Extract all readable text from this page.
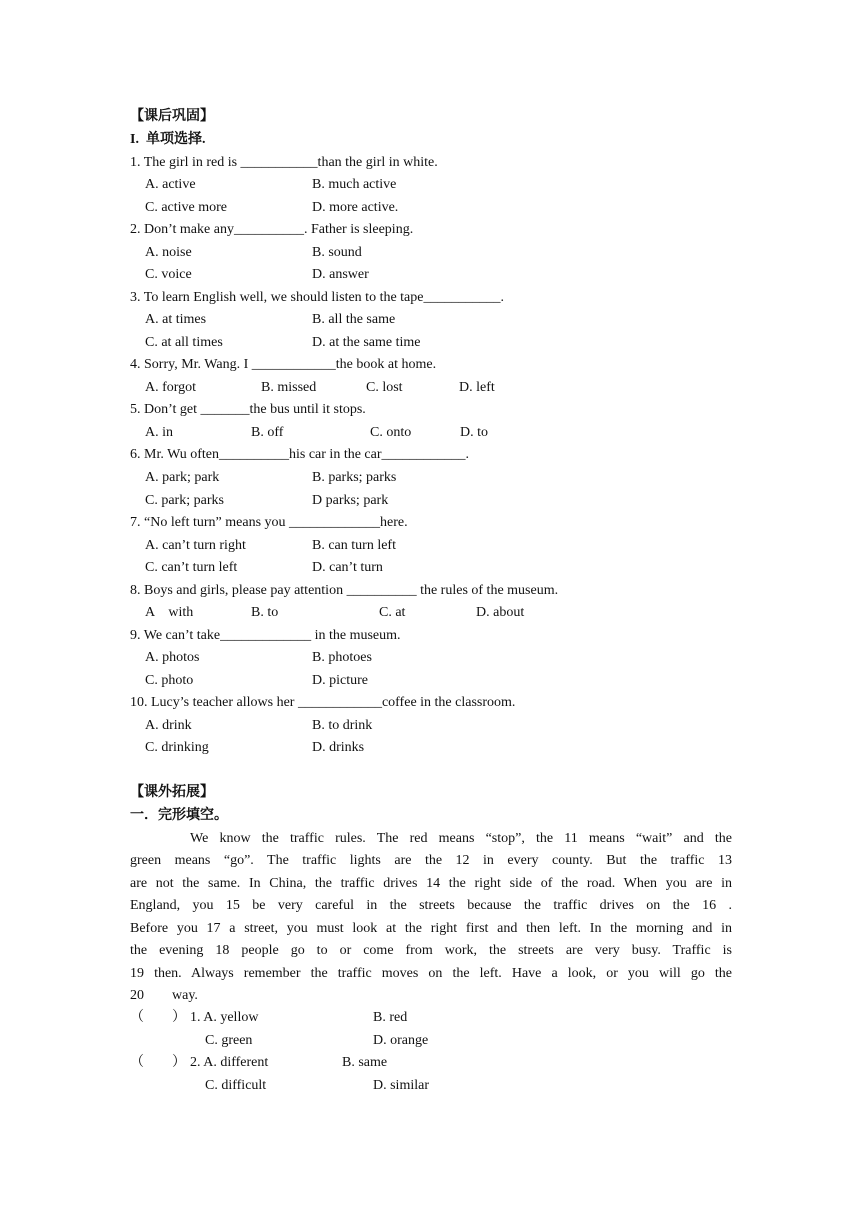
【课后巩固】
I.  单项选择.
1. The girl in red is ___________than the girl in white.
A. active	B. much active
C. active more	D. more active.
2. Don’t make any__________. Father is sleeping.
A. noise	B. sound
C. voice	D. answer
3. To learn English well, we should listen to the tape___________.
A. at times	B. all the same
C. at all times	D. at the same time
4. Sorry, Mr. Wang. I ____________the book at home.
A. forgot	B. missed	C. lost	D. left
5. Don’t get _______the bus until it stops.
A. in	B. off	C. onto	D. to
6. Mr. Wu often__________his car in the car____________.
A. park; park	B. parks; parks
C. park; parks	D parks; park
7. “No left turn” means you _____________here.
A. can’t turn right	B. can turn left
C. can’t turn left	D. can’t turn
8. Boys and girls, please pay attention __________ the rules of the museum.
A    with	B. to	C. at	D. about
9. We can’t take_____________ in the museum.
A. photos	B. photoes
C. photo	D. picture
10. Lucy’s teacher allows her ____________coffee in the classroom.
A. drink	B. to drink
C. drinking	D. drinks
【课外拓展】
一．完形填空。
We know the traffic rules. The red means “stop”, the 11 means “wait” and the
green means “go”. The traffic lights are the 12 in every county. But the traffic 13
are not the same. In China, the traffic drives 14 the right side of the road. When you are in
England, you 15 be very careful in the streets because the traffic drives on the 16 .
Before you 17 a street, you must look at the right first and then left. In the morning and in
the evening 18 people go to or come from work, the streets are very busy. Traffic is
19 then. Always remember the traffic moves on the left. Have a look, or you will go the
20        way.
（        ） 1. A. yellow	B. red
C. green	D. orange
（        ） 2. A. different	B. same
C. difficult	D. similar
